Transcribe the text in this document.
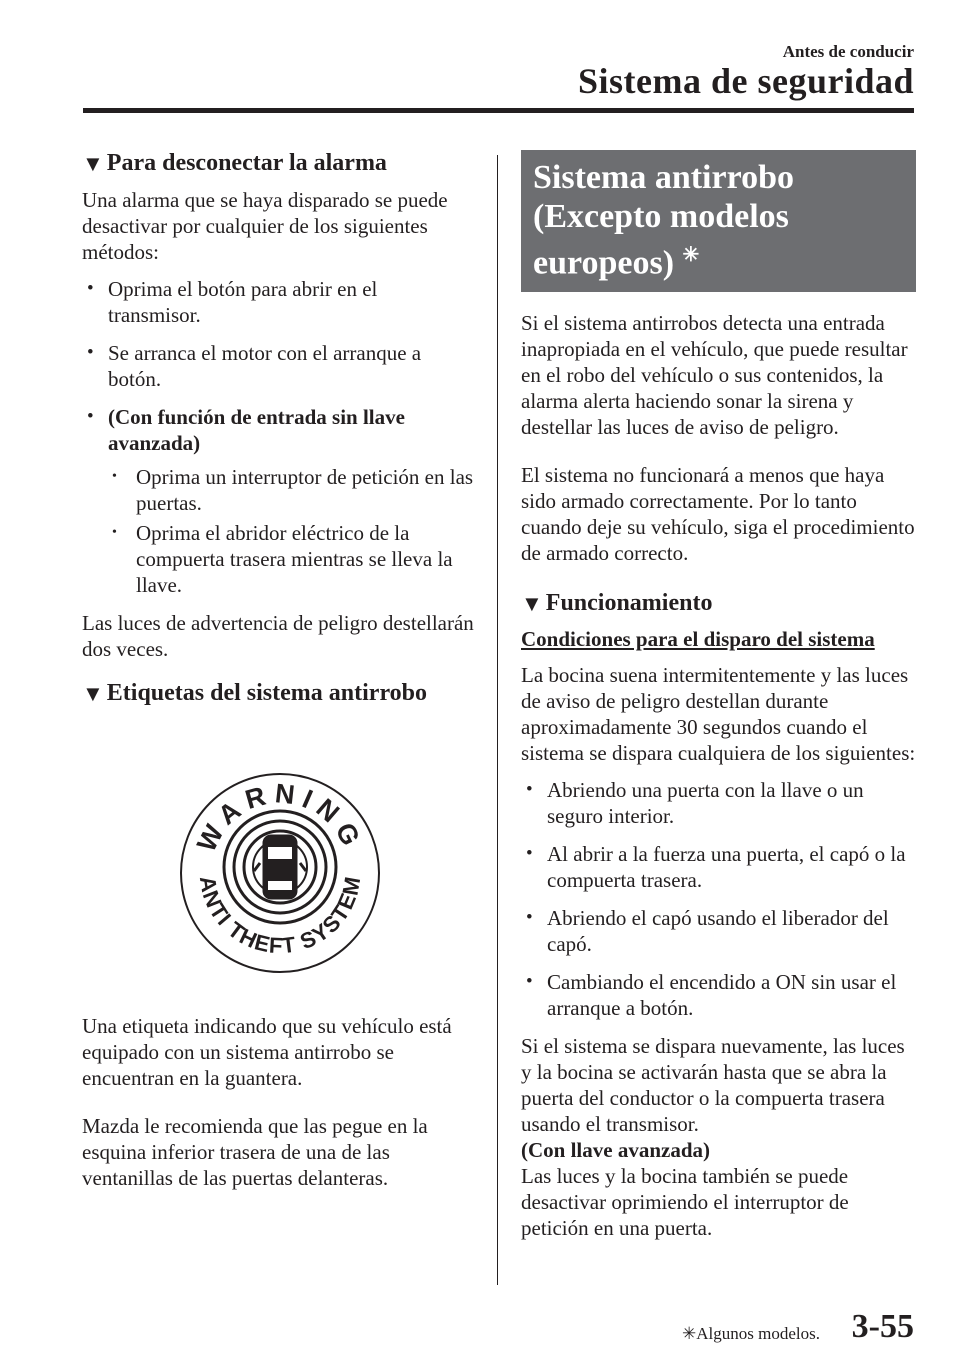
Antes de conducir
Sistema de seguridad
▼ Para desconectar la alarma

Una alarma que se haya disparado se puede desactivar por cualquier de los siguientes métodos:

• Oprima el botón para abrir en el transmisor.
• Se arranca el motor con el arranque a botón.
• (Con función de entrada sin llave avanzada)
• Oprima un interruptor de petición en las puertas.
• Oprima el abridor eléctrico de la compuerta trasera mientras se lleva la llave.

Las luces de advertencia de peligro destellarán dos veces.

▼ Etiquetas del sistema antirrobo
WARNING
ANTI THEFT SYSTEM

Una etiqueta indicando que su vehículo está equipado con un sistema antirrobo se encuentran en la guantera.

Mazda le recomienda que las pegue en la esquina inferior trasera de una de las ventanillas de las puertas delanteras.

Sistema antirrobo (Excepto modelos europeos) ✳

Si el sistema antirrobos detecta una entrada inapropiada en el vehículo, que puede resultar en el robo del vehículo o sus contenidos, la alarma alerta haciendo sonar la sirena y destellar las luces de aviso de peligro.

El sistema no funcionará a menos que haya sido armado correctamente. Por lo tanto cuando deje su vehículo, siga el procedimiento de armado correcto.

▼ Funcionamiento
Condiciones para el disparo del sistema

La bocina suena intermitentemente y las luces de aviso de peligro destellan durante aproximadamente 30 segundos cuando el sistema se dispara cualquiera de los siguientes:

• Abriendo una puerta con la llave o un seguro interior.
• Al abrir a la fuerza una puerta, el capó o la compuerta trasera.
• Abriendo el capó usando el liberador del capó.
• Cambiando el encendido a ON sin usar el arranque a botón.

Si el sistema se dispara nuevamente, las luces y la bocina se activarán hasta que se abra la puerta del conductor o la compuerta trasera usando el transmisor.

(Con llave avanzada)

Las luces y la bocina también se puede desactivar oprimiendo el interruptor de petición en una puerta.

✳Algunos modelos. 3-55
